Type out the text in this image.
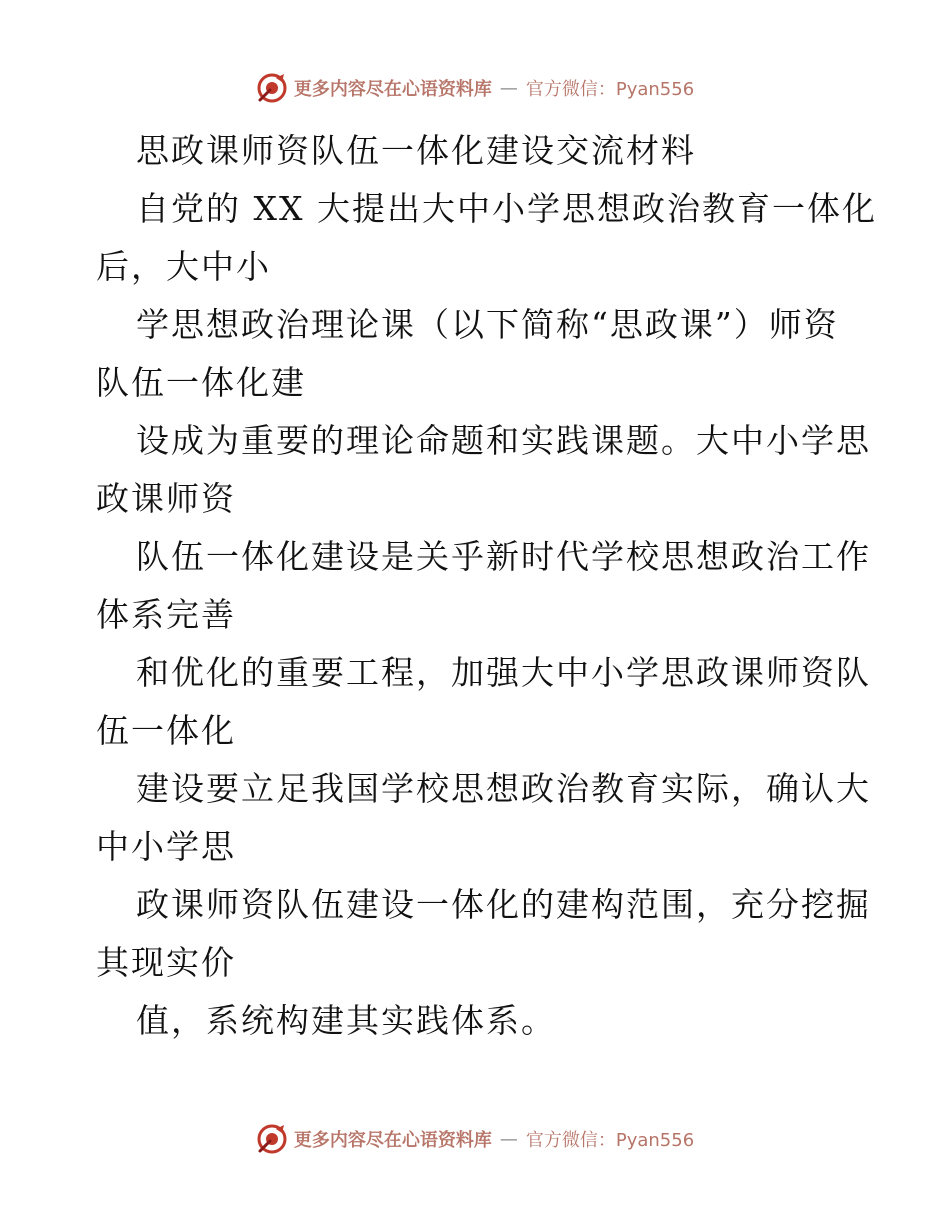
更多内容尽在心语资料库 — 官方微信：Pyan556
思政课师资队伍一体化建设交流材料
自党的 XX 大提出大中小学思想政治教育一体化
后，大中小
学思想政治理论课（以下简称“思政课”）师资
队伍一体化建
设成为重要的理论命题和实践课题。大中小学思
政课师资
队伍一体化建设是关乎新时代学校思想政治工作
体系完善
和优化的重要工程，加强大中小学思政课师资队
伍一体化
建设要立足我国学校思想政治教育实际，确认大
中小学思
政课师资队伍建设一体化的建构范围，充分挖掘
其现实价
值，系统构建其实践体系。
更多内容尽在心语资料库 — 官方微信：Pyan556
